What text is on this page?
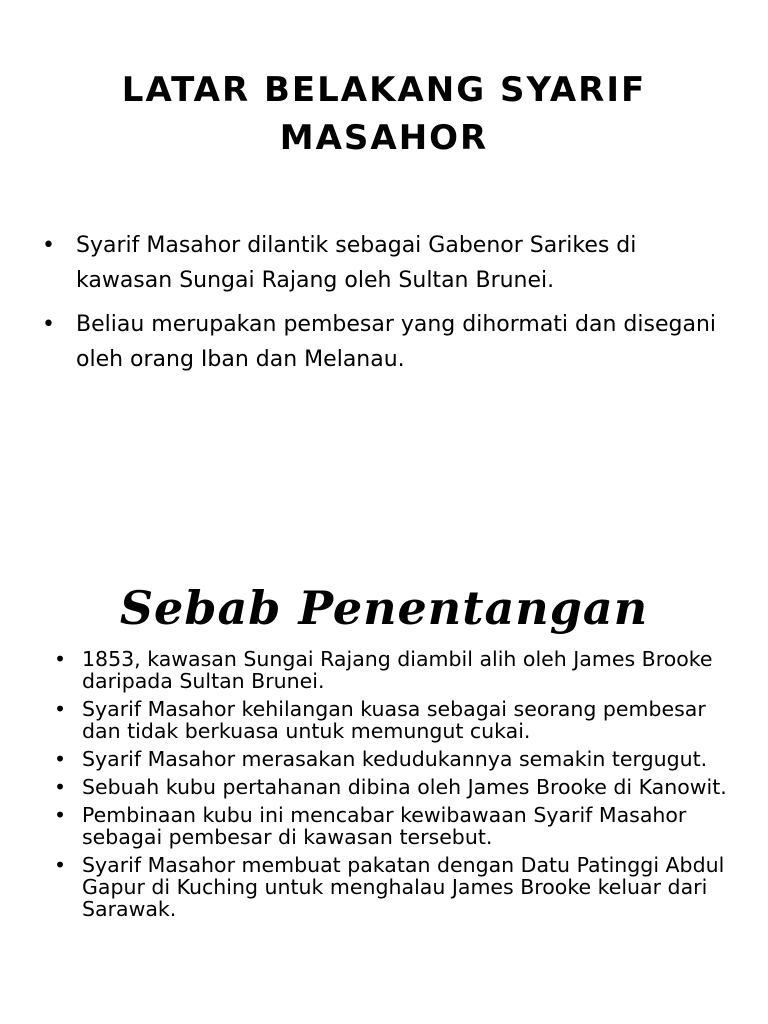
LATAR BELAKANG SYARIF MASAHOR
• Syarif Masahor dilantik sebagai Gabenor Sarikes di kawasan Sungai Rajang oleh Sultan Brunei.
• Beliau merupakan pembesar yang dihormati dan disegani oleh orang Iban dan Melanau.
Sebab Penentangan
• 1853, kawasan Sungai Rajang diambil alih oleh James Brooke daripada Sultan Brunei.
• Syarif Masahor kehilangan kuasa sebagai seorang pembesar dan tidak berkuasa untuk memungut cukai.
• Syarif Masahor merasakan kedudukannya semakin tergugut.
• Sebuah kubu pertahanan dibina oleh James Brooke di Kanowit.
• Pembinaan kubu ini mencabar kewibawaan Syarif Masahor sebagai pembesar di kawasan tersebut.
• Syarif Masahor membuat pakatan dengan Datu Patinggi Abdul Gapur di Kuching untuk menghalau James Brooke keluar dari Sarawak.
